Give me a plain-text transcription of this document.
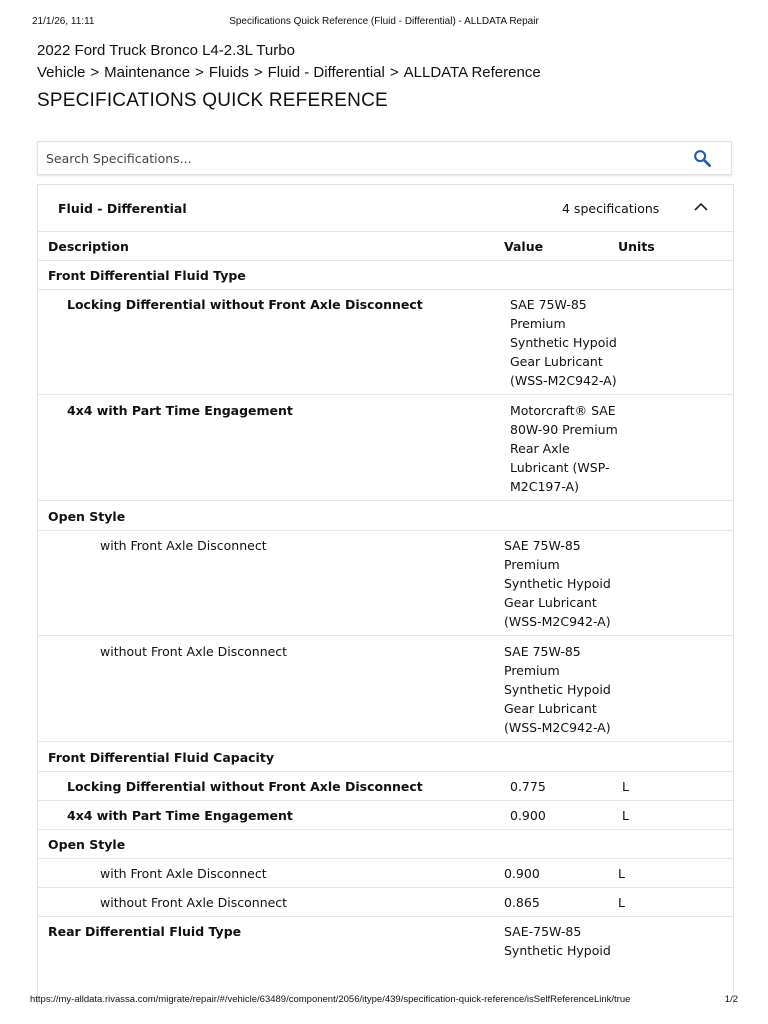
21/1/26, 11:11	Specifications Quick Reference (Fluid - Differential) - ALLDATA Repair
2022 Ford Truck Bronco L4-2.3L Turbo
Vehicle > Maintenance > Fluids > Fluid - Differential > ALLDATA Reference
SPECIFICATIONS QUICK REFERENCE
Search Specifications...
Fluid - Differential	4 specifications
Description	Value	Units
Front Differential Fluid Type
Locking Differential without Front Axle Disconnect	SAE 75W-85 Premium Synthetic Hypoid Gear Lubricant (WSS-M2C942-A)
4x4 with Part Time Engagement	Motorcraft® SAE 80W-90 Premium Rear Axle Lubricant (WSP-M2C197-A)
Open Style
with Front Axle Disconnect	SAE 75W-85 Premium Synthetic Hypoid Gear Lubricant (WSS-M2C942-A)
without Front Axle Disconnect	SAE 75W-85 Premium Synthetic Hypoid Gear Lubricant (WSS-M2C942-A)
Front Differential Fluid Capacity
Locking Differential without Front Axle Disconnect	0.775	L
4x4 with Part Time Engagement	0.900	L
Open Style
with Front Axle Disconnect	0.900	L
without Front Axle Disconnect	0.865	L
Rear Differential Fluid Type	SAE-75W-85 Synthetic Hypoid
https://my-alldata.rivassa.com/migrate/repair/#/vehicle/63489/component/2056/itype/439/specification-quick-reference/isSelfReferenceLink/true	1/2
